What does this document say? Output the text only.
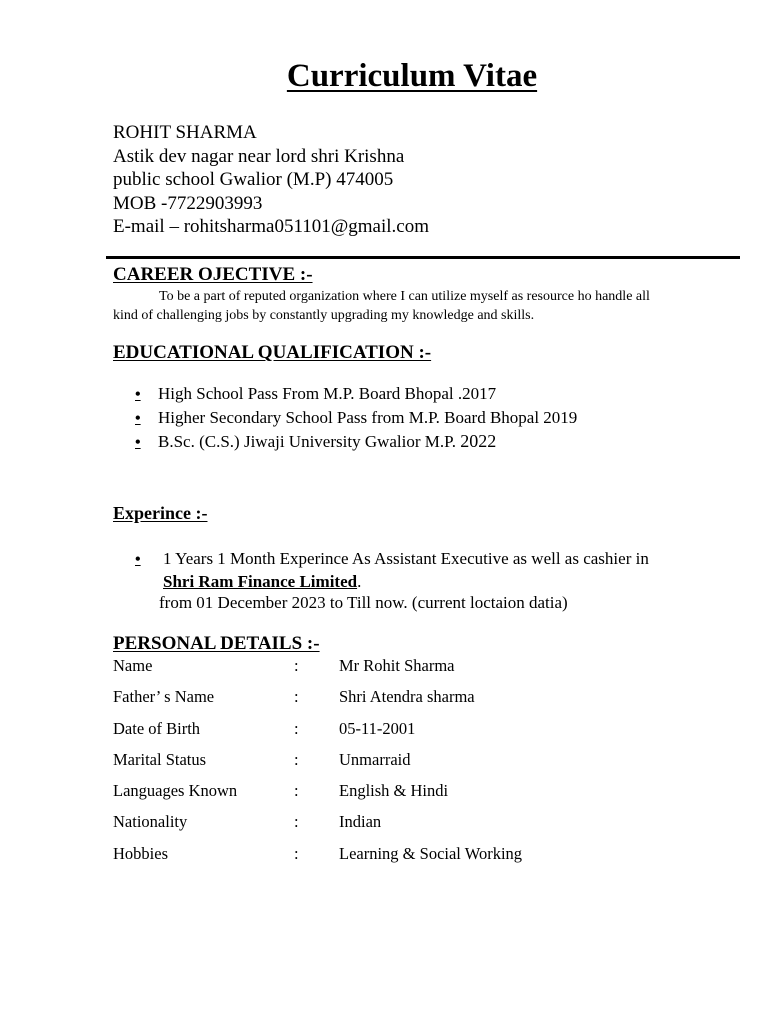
Curriculum Vitae
ROHIT SHARMA
Astik dev nagar near lord shri Krishna
public school Gwalior (M.P) 474005
MOB -7722903993
E-mail – rohitsharma051101@gmail.com
CAREER OJECTIVE :-
To be a part of reputed organization where I can utilize myself as resource ho handle all
kind of challenging jobs by constantly upgrading my knowledge and skills.
EDUCATIONAL QUALIFICATION :-
•	High School Pass From M.P. Board Bhopal .2017
•	Higher Secondary School Pass from M.P. Board Bhopal 2019
•	B.Sc. (C.S.) Jiwaji University Gwalior M.P. 2022
Experince :-
•	1 Years 1 Month Experince As Assistant Executive as well as cashier in
Shri Ram Finance Limited.
from 01 December 2023 to Till now. (current loctaion datia)
PERSONAL DETAILS :-
Name	: Mr Rohit Sharma
Father’ s Name	: Shri Atendra sharma
Date of Birth	: 05-11-2001
Marital Status	: Unmarraid
Languages Known	: English & Hindi
Nationality	: Indian
Hobbies	: Learning & Social Working
